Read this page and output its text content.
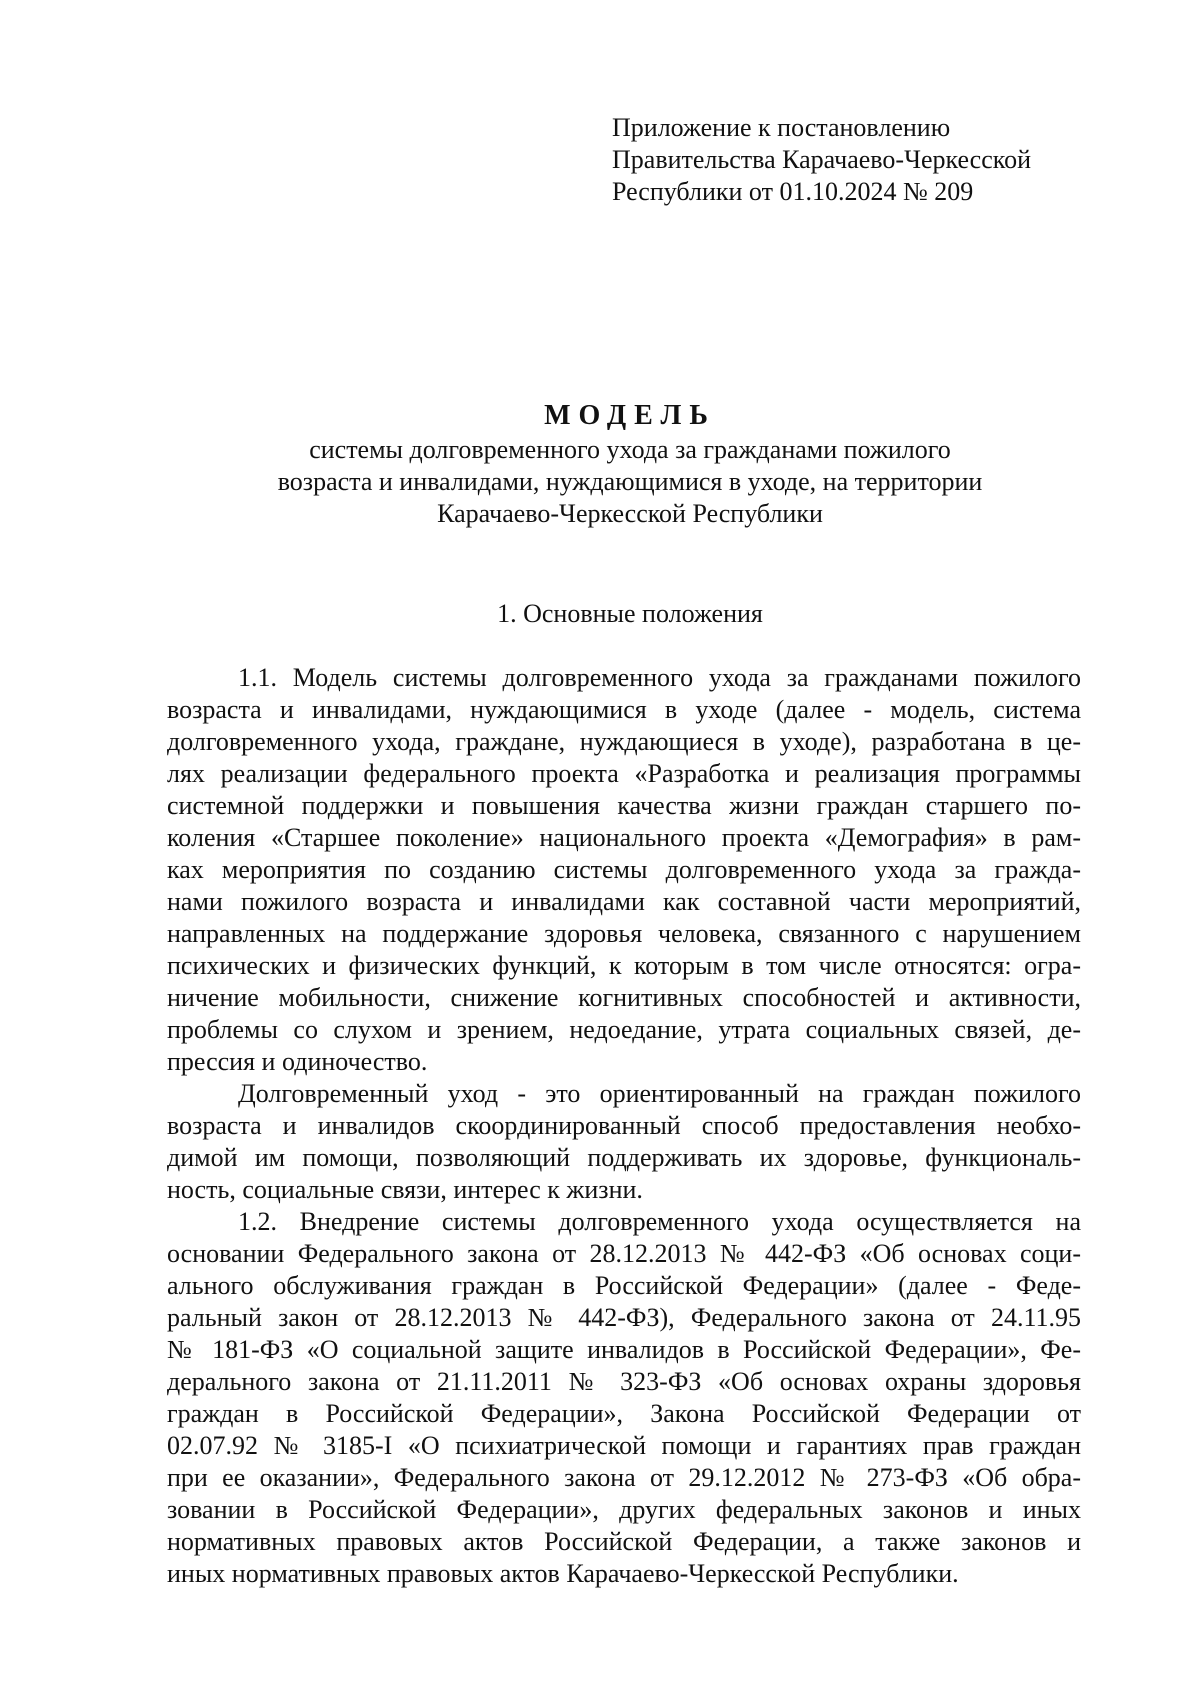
Приложение к постановлению
Правительства Карачаево-Черкесской
Республики от 01.10.2024 № 209
МОДЕЛЬ
системы долговременного ухода за гражданами пожилого
возраста и инвалидами, нуждающимися в уходе, на территории
Карачаево-Черкесской Республики
1. Основные положения
1.1. Модель системы долговременного ухода за гражданами пожилого
возраста и инвалидами, нуждающимися в уходе (далее - модель, система
долговременного ухода, граждане, нуждающиеся в уходе), разработана в це-
лях реализации федерального проекта «Разработка и реализация программы
системной поддержки и повышения качества жизни граждан старшего по-
коления «Старшее поколение» национального проекта «Демография» в рам-
ках мероприятия по созданию системы долговременного ухода за гражда-
нами пожилого возраста и инвалидами как составной части мероприятий,
направленных на поддержание здоровья человека, связанного с нарушением
психических и физических функций, к которым в том числе относятся: огра-
ничение мобильности, снижение когнитивных способностей и активности,
проблемы со слухом и зрением, недоедание, утрата социальных связей, де-
прессия и одиночество.
Долговременный уход - это ориентированный на граждан пожилого
возраста и инвалидов скоординированный способ предоставления необхо-
димой им помощи, позволяющий поддерживать их здоровье, функциональ-
ность, социальные связи, интерес к жизни.
1.2. Внедрение системы долговременного ухода осуществляется на
основании Федерального закона от 28.12.2013 № 442-ФЗ «Об основах соци-
ального обслуживания граждан в Российской Федерации» (далее - Феде-
ральный закон от 28.12.2013 № 442-ФЗ), Федерального закона от 24.11.95
№ 181-ФЗ «О социальной защите инвалидов в Российской Федерации», Фе-
дерального закона от 21.11.2011 № 323-ФЗ «Об основах охраны здоровья
граждан в Российской Федерации», Закона Российской Федерации от
02.07.92 № 3185-I «О психиатрической помощи и гарантиях прав граждан
при ее оказании», Федерального закона от 29.12.2012 № 273-ФЗ «Об обра-
зовании в Российской Федерации», других федеральных законов и иных
нормативных правовых актов Российской Федерации, а также законов и
иных нормативных правовых актов Карачаево-Черкесской Республики.
